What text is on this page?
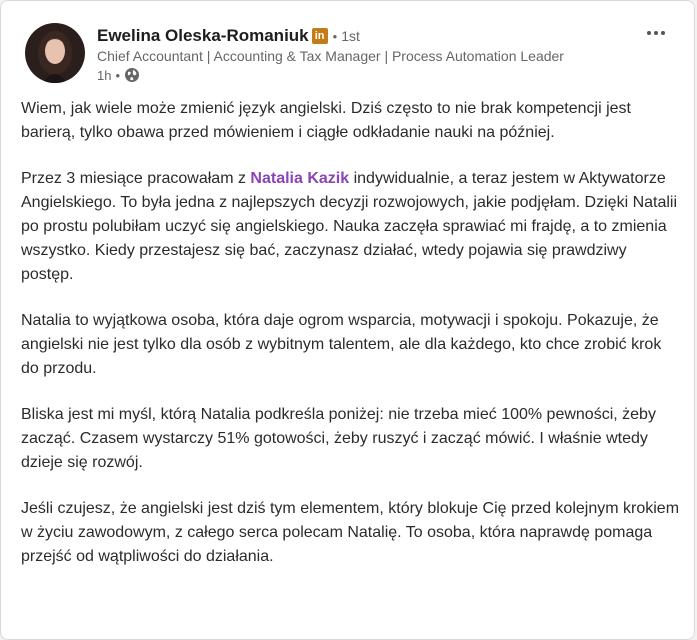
Ewelina Oleska-Romaniuk in • 1st
Chief Accountant | Accounting & Tax Manager | Process Automation Leader
1h •

Wiem, jak wiele może zmienić język angielski. Dziś często to nie brak kompetencji jest barierą, tylko obawa przed mówieniem i ciągłe odkładanie nauki na później.

Przez 3 miesiące pracowałam z Natalia Kazik indywidualnie, a teraz jestem w Aktywatorze Angielskiego. To była jedna z najlepszych decyzji rozwojowych, jakie podjęłam. Dzięki Natalii po prostu polubiłam uczyć się angielskiego. Nauka zaczęła sprawiać mi frajdę, a to zmienia wszystko. Kiedy przestajesz się bać, zaczynasz działać, wtedy pojawia się prawdziwy postęp.

Natalia to wyjątkowa osoba, która daje ogrom wsparcia, motywacji i spokoju. Pokazuje, że angielski nie jest tylko dla osób z wybitnym talentem, ale dla każdego, kto chce zrobić krok do przodu.

Bliska jest mi myśl, którą Natalia podkreśla poniżej: nie trzeba mieć 100% pewności, żeby zacząć. Czasem wystarczy 51% gotowości, żeby ruszyć i zacząć mówić. I właśnie wtedy dzieje się rozwój.

Jeśli czujesz, że angielski jest dziś tym elementem, który blokuje Cię przed kolejnym krokiem w życiu zawodowym, z całego serca polecam Natalię. To osoba, która naprawdę pomaga przejść od wątpliwości do działania.
